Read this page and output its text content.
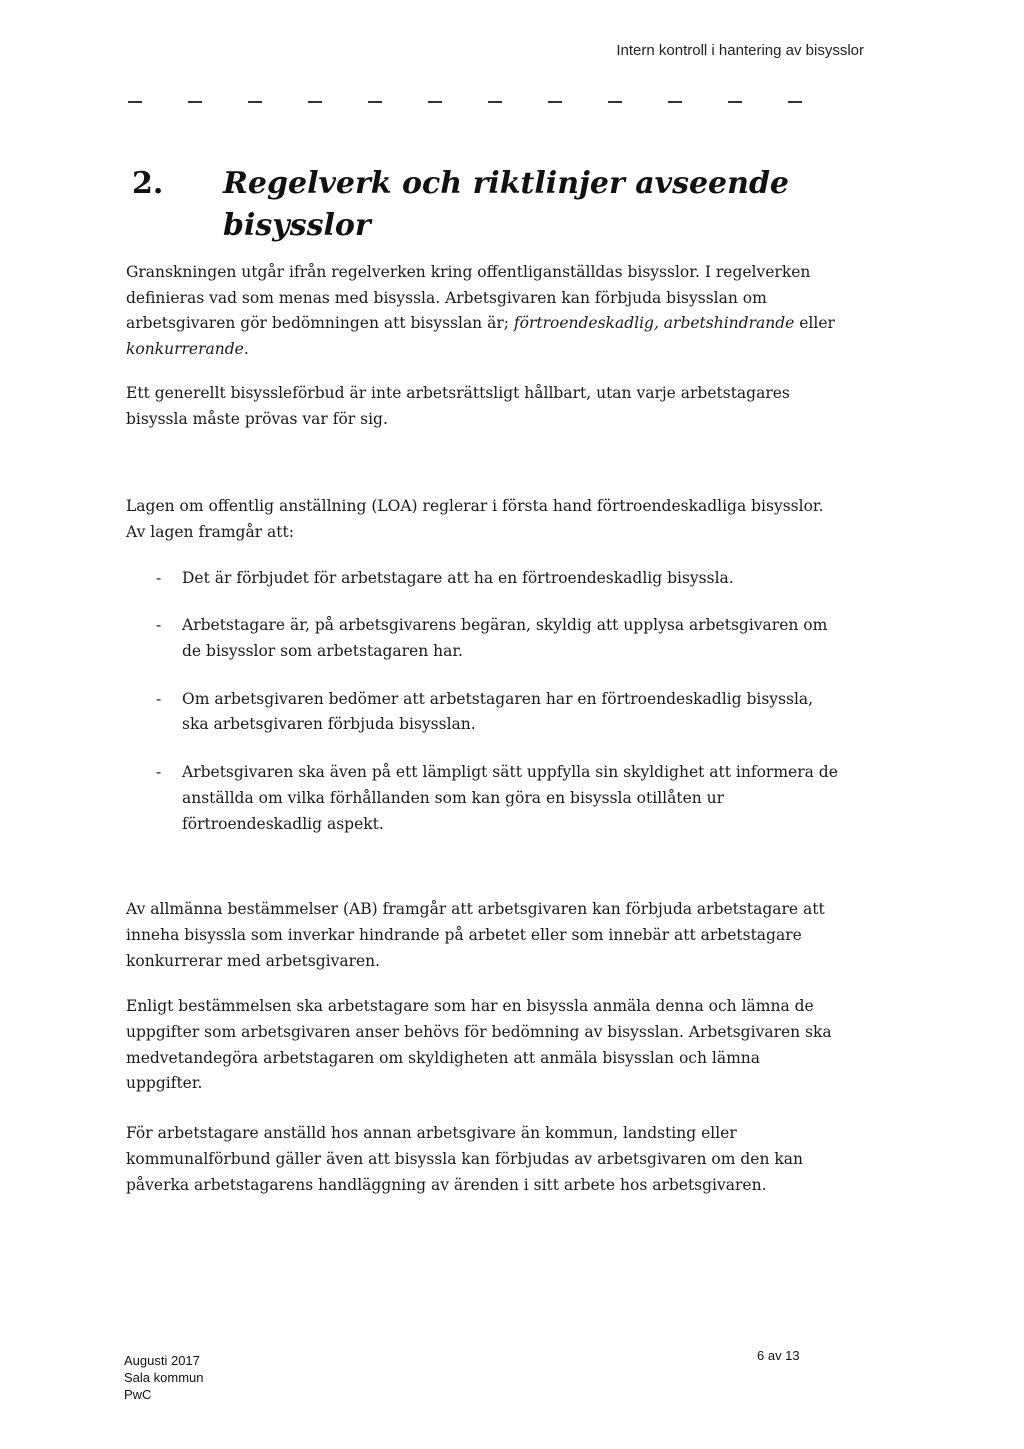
Intern kontroll i hantering av bisysslor
2. Regelverk och riktlinjer avseende bisysslor

Granskningen utgår ifrån regelverken kring offentliganställdas bisysslor. I regelverken definieras vad som menas med bisyssla. Arbetsgivaren kan förbjuda bisysslan om arbetsgivaren gör bedömningen att bisysslan är; förtroendeskadlig, arbetshindrande eller konkurrerande.

Ett generellt bisyssleförbud är inte arbetsrättsligt hållbart, utan varje arbetstagares bisyssla måste prövas var för sig.

Lagen om offentlig anställning (LOA) reglerar i första hand förtroendeskadliga bisysslor. Av lagen framgår att:

- Det är förbjudet för arbetstagare att ha en förtroendeskadlig bisyssla.
- Arbetstagare är, på arbetsgivarens begäran, skyldig att upplysa arbetsgivaren om de bisysslor som arbetstagaren har.
- Om arbetsgivaren bedömer att arbetstagaren har en förtroendeskadlig bisyssla, ska arbetsgivaren förbjuda bisysslan.
- Arbetsgivaren ska även på ett lämpligt sätt uppfylla sin skyldighet att informera de anställda om vilka förhållanden som kan göra en bisyssla otillåten ur förtroendeskadlig aspekt.

Av allmänna bestämmelser (AB) framgår att arbetsgivaren kan förbjuda arbetstagare att inneha bisyssla som inverkar hindrande på arbetet eller som innebär att arbetstagare konkurrerar med arbetsgivaren.

Enligt bestämmelsen ska arbetstagare som har en bisyssla anmäla denna och lämna de uppgifter som arbetsgivaren anser behövs för bedömning av bisysslan. Arbetsgivaren ska medvetandegöra arbetstagaren om skyldigheten att anmäla bisysslan och lämna uppgifter.

För arbetstagare anställd hos annan arbetsgivare än kommun, landsting eller kommunalförbund gäller även att bisyssla kan förbjudas av arbetsgivaren om den kan påverka arbetstagarens handläggning av ärenden i sitt arbete hos arbetsgivaren.

Augusti 2017
Sala kommun
PwC
6 av 13
